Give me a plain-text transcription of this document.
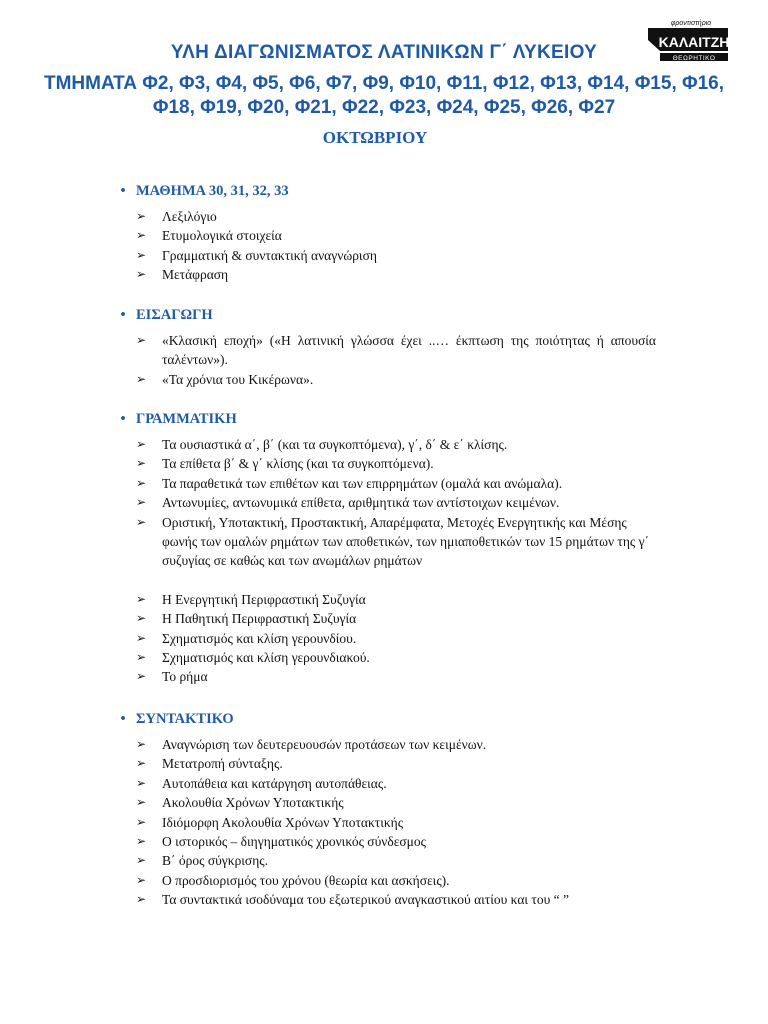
φροντιστήριο
ΚΑΛΑΙΤΖΗ
ΘΕΩΡΗΤΙΚΟ
ΥΛΗ ΔΙΑΓΩΝΙΣΜΑΤΟΣ ΛΑΤΙΝΙΚΩΝ Γ΄ ΛΥΚΕΙΟΥ
ΤΜΗΜΑΤΑ Φ2, Φ3, Φ4, Φ5, Φ6, Φ7, Φ9, Φ10, Φ11, Φ12, Φ13, Φ14, Φ15, Φ16, Φ18, Φ19, Φ20, Φ21, Φ22, Φ23, Φ24, Φ25, Φ26, Φ27
ΟΚΤΩΒΡΙΟΥ
• ΜΑΘΗΜΑ 30, 31, 32, 33
➢	Λεξιλόγιο
➢	Ετυμολογικά στοιχεία
➢	Γραμματική & συντακτική αναγνώριση
➢	Μετάφραση
• ΕΙΣΑΓΩΓΗ
➢	«Κλασική εποχή» («Η λατινική γλώσσα έχει ..… έκπτωση της ποιότητας ή απουσία ταλέντων»).
➢	«Τα χρόνια του Κικέρωνα».
• ΓΡΑΜΜΑΤΙΚΗ
➢	Τα ουσιαστικά α΄, β΄ (και τα συγκοπτόμενα), γ΄, δ΄ & ε΄ κλίσης.
➢	Τα επίθετα β΄ & γ΄ κλίσης (και τα συγκοπτόμενα).
➢	Τα παραθετικά των επιθέτων και των επιρρημάτων (ομαλά και ανώμαλα).
➢	Αντωνυμίες, αντωνυμικά επίθετα, αριθμητικά των αντίστοιχων κειμένων.
➢	Οριστική, Υποτακτική, Προστακτική, Απαρέμφατα, Μετοχές Ενεργητικής και Μέσης φωνής των ομαλών ρημάτων των αποθετικών, των ημιαποθετικών των 15 ρημάτων της γ΄ συζυγίας σε καθώς και των ανωμάλων ρημάτων
➢	Η Ενεργητική Περιφραστική Συζυγία
➢	Η Παθητική Περιφραστική Συζυγία
➢	Σχηματισμός και κλίση γερουνδίου.
➢	Σχηματισμός και κλίση γερουνδιακού.
➢	Το ρήμα
• ΣΥΝΤΑΚΤΙΚΟ
➢	Αναγνώριση των δευτερευουσών προτάσεων των κειμένων.
➢	Μετατροπή σύνταξης.
➢	Αυτοπάθεια και κατάργηση αυτοπάθειας.
➢	Ακολουθία Χρόνων Υποτακτικής
➢	Ιδιόμορφη Ακολουθία Χρόνων Υποτακτικής
➢	Ο ιστορικός – διηγηματικός χρονικός σύνδεσμος
➢	Β΄ όρος σύγκρισης.
➢	Ο προσδιορισμός του χρόνου (θεωρία και ασκήσεις).
➢	Τα συντακτικά ισοδύναμα του εξωτερικού αναγκαστικού αιτίου και του “ ”
